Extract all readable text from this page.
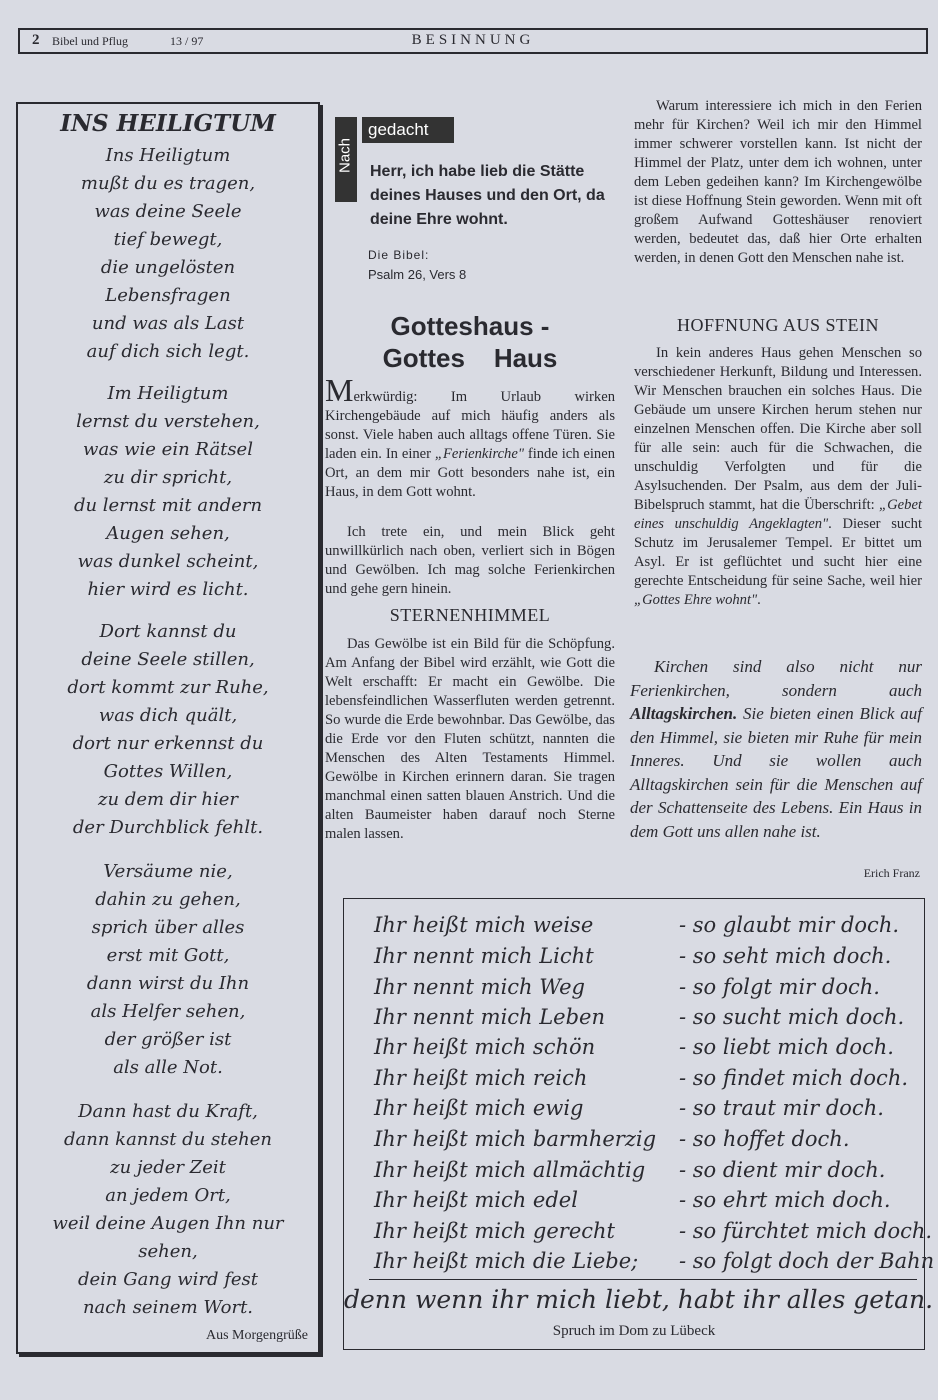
2 Bibel und Pflug	13 / 97	BESINNUNG
INS HEILIGTUM
Ins Heiligtum
mußt du es tragen,
was deine Seele
tief bewegt,
die ungelösten
Lebensfragen
und was als Last
auf dich sich legt.
Im Heiligtum
lernst du verstehen,
was wie ein Rätsel
zu dir spricht,
du lernst mit andern
Augen sehen,
was dunkel scheint,
hier wird es licht.
Dort kannst du
deine Seele stillen,
dort kommt zur Ruhe,
was dich quält,
dort nur erkennst du
Gottes Willen,
zu dem dir hier
der Durchblick fehlt.
Versäume nie,
dahin zu gehen,
sprich über alles
erst mit Gott,
dann wirst du Ihn
als Helfer sehen,
der größer ist
als alle Not.
Dann hast du Kraft,
dann kannst du stehen
zu jeder Zeit
an jedem Ort,
weil deine Augen Ihn nur
sehen,
dein Gang wird fest
nach seinem Wort.
Aus Morgengrüße
Nach
gedacht
Herr, ich habe lieb die Stätte deines Hauses und den Ort, da deine Ehre wohnt.
Die Bibel:
Psalm 26, Vers 8
Gotteshaus -
Gottes    Haus

Merkwürdig: Im Urlaub wirken Kirchengebäude auf mich häufig anders als sonst. Viele haben auch alltags offene Türen. Sie laden ein. In einer „Ferienkirche" finde ich einen Ort, an dem mir Gott besonders nahe ist, ein Haus, in dem Gott wohnt.

Ich trete ein, und mein Blick geht unwillkürlich nach oben, verliert sich in Bögen und Gewölben. Ich mag solche Ferienkirchen und gehe gern hinein.

STERNENHIMMEL

Das Gewölbe ist ein Bild für die Schöpfung. Am Anfang der Bibel wird erzählt, wie Gott die Welt erschafft: Er macht ein Gewölbe. Die lebensfeindlichen Wasserfluten werden getrennt. So wurde die Erde bewohnbar. Das Gewölbe, das die Erde vor den Fluten schützt, nannten die Menschen des Alten Testaments Himmel. Gewölbe in Kirchen erinnern daran. Sie tragen manchmal einen satten blauen Anstrich. Und die alten Baumeister haben darauf noch Sterne malen lassen.

Warum interessiere ich mich in den Ferien mehr für Kirchen? Weil ich mir den Himmel immer schwerer vorstellen kann. Ist nicht der Himmel der Platz, unter dem ich wohnen, unter dem Leben gedeihen kann? Im Kirchengewölbe ist diese Hoffnung Stein geworden. Wenn mit oft großem Aufwand Gotteshäuser renoviert werden, bedeutet das, daß hier Orte erhalten werden, in denen Gott den Menschen nahe ist.

HOFFNUNG AUS STEIN

In kein anderes Haus gehen Menschen so verschiedener Herkunft, Bildung und Interessen. Wir Menschen brauchen ein solches Haus. Die Gebäude um unsere Kirchen herum stehen nur einzelnen Menschen offen. Die Kirche aber soll für alle sein: auch für die Schwachen, die unschuldig Verfolgten und für die Asylsuchenden. Der Psalm, aus dem der Juli-Bibelspruch stammt, hat die Überschrift: „Gebet eines unschuldig Angeklagten". Dieser sucht Schutz im Jerusalemer Tempel. Er bittet um Asyl. Er ist geflüchtet und sucht hier eine gerechte Entscheidung für seine Sache, weil hier „Gottes Ehre wohnt".

Kirchen sind also nicht nur Ferienkirchen, sondern auch Alltagskirchen. Sie bieten einen Blick auf den Himmel, sie bieten mir Ruhe für mein Inneres. Und sie wollen auch Alltagskirchen sein für die Menschen auf der Schattenseite des Lebens. Ein Haus in dem Gott uns allen nahe ist.

Erich Franz
Ihr heißt mich weise	- so glaubt mir doch.
Ihr nennt mich Licht	- so seht mich doch.
Ihr nennt mich Weg	- so folgt mir doch.
Ihr nennt mich Leben	- so sucht mich doch.
Ihr heißt mich schön	- so liebt mich doch.
Ihr heißt mich reich	- so findet mich doch.
Ihr heißt mich ewig	- so traut mir doch.
Ihr heißt mich barmherzig - so hoffet doch.
Ihr heißt mich allmächtig - so dient mir doch.
Ihr heißt mich edel	- so ehrt mich doch.
Ihr heißt mich gerecht	- so fürchtet mich doch.
Ihr heißt mich die Liebe; - so folgt doch der Bahn
denn wenn ihr mich liebt, habt ihr alles getan.
Spruch im Dom zu Lübeck
